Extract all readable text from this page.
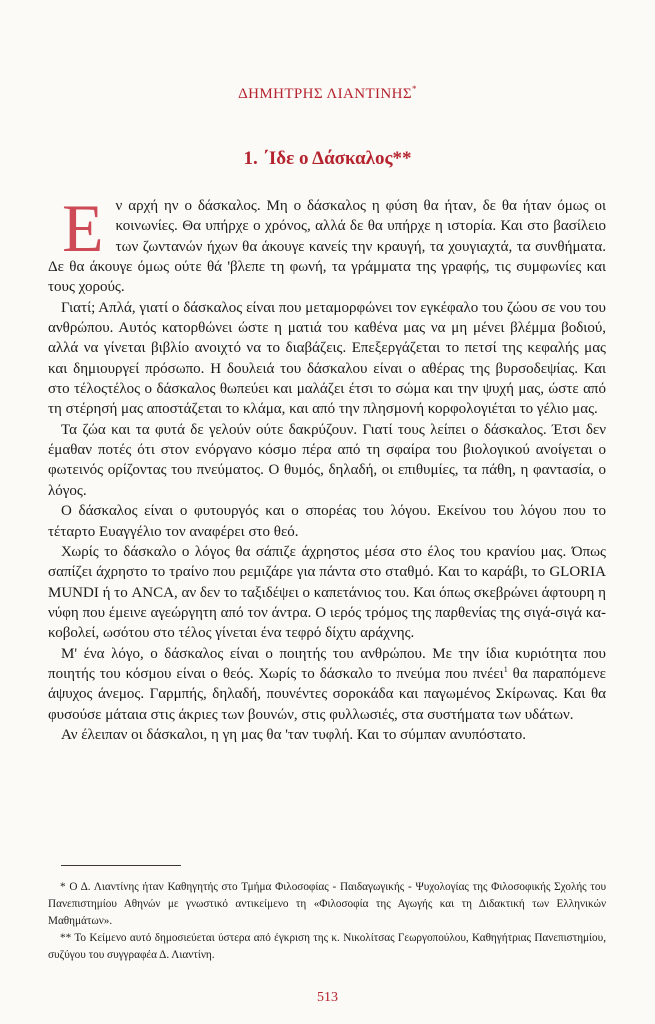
ΔΗΜΗΤΡΗΣ ΛΙΑΝΤΙΝΗΣ*
1. ΄Ιδε ο Δάσκαλος**

Εν αρχή ην ο δάσκαλος. Μη ο δάσκαλος η φύση θα ήταν, δε θα ήταν όμως οι κοινωνίες. Θα υπήρχε ο χρόνος, αλλά δε θα υπήρχε η ιστορία. Και στο βασίλειο των ζωντανών ήχων θα άκουγε κανείς την κραυγή, τα χουγιαχτά, τα συνθήματα. Δε θα άκουγε όμως ούτε θά 'βλεπε τη φωνή, τα γράμματα της γραφής, τις συμφωνίες και τους χορούς.

Γιατί; Απλά, γιατί ο δάσκαλος είναι που μεταμορφώνει τον εγκέφαλο του ζώου σε νου του ανθρώπου. Αυτός κατορθώνει ώστε η ματιά του καθένα μας να μη μένει βλέμμα βοδιού, αλλά να γίνεται βιβλίο ανοιχτό να το διαβάζεις. Επεξεργάζεται το πετσί της κεφαλής μας και δημιουργεί πρόσωπο. Η δουλειά του δάσκαλου είναι ο αθέρας της βυρσοδεψίας. Και στο τέλοςτέλος ο δάσκαλος θωπεύει και μαλάζει έτσι το σώμα και την ψυχή μας, ώστε από τη στέρησή μας αποστάζεται το κλάμα, και από την πλησμονή κορφολογιέται το γέλιο μας.

Τα ζώα και τα φυτά δε γελούν ούτε δακρύζουν. Γιατί τους λείπει ο δάσκαλος. Έτσι δεν έμαθαν ποτές ότι στον ενόργανο κόσμο πέρα από τη σφαίρα του βιολογικού ανοίγεται ο φωτεινός ορίζοντας του πνεύματος. Ο θυμός, δηλαδή, οι επιθυμίες, τα πάθη, η φαντασία, ο λόγος.

Ο δάσκαλος είναι ο φυτουργός και ο σπορέας του λόγου. Εκείνου του λόγου που το τέταρτο Ευαγγέλιο τον αναφέρει στο θεό.

Χωρίς το δάσκαλο ο λόγος θα σάπιζε άχρηστος μέσα στο έλος του κρανίου μας. Όπως σαπίζει άχρηστο το τραίνο που ρεμιζάρε για πάντα στο σταθμό. Και το καράβι, το GLORIA MUNDI ή το ANCA, αν δεν το ταξιδέψει ο καπετάνιος του. Και όπως σκεβρώνει άφτουρη η νύφη που έμεινε αγεώργητη από τον άντρα. Ο ιερός τρόμος της παρθενίας της σιγά-σιγά κακοβολεί, ωσότου στο τέλος γίνεται ένα τεφρό δίχτυ αράχνης.

Μ' ένα λόγο, ο δάσκαλος είναι ο ποιητής του ανθρώπου. Με την ίδια κυριότητα που ποιητής του κόσμου είναι ο θεός. Χωρίς το δάσκαλο το πνεύμα που πνέει$^1$ θα παραπόμενε άψυχος άνεμος. Γαρμπής, δηλαδή, πουνέντες σοροκάδα και παγωμένος Σκίρωνας. Και θα φυσούσε μάταια στις άκριες των βουνών, στις φυλλωσιές, στα συστήματα των υδάτων.

Αν έλειπαν οι δάσκαλοι, η γη μας θα 'ταν τυφλή. Και το σύμπαν ανυπόστατο.

* Ο Δ. Λιαντίνης ήταν Καθηγητής στο Τμήμα Φιλοσοφίας - Παιδαγωγικής - Ψυχολογίας της Φιλοσοφικής Σχολής του Πανεπιστημίου Αθηνών με γνωστικό αντικείμενο τη «Φιλοσοφία της Αγωγής και τη Διδακτική των Ελληνικών Μαθημάτων».

** Το Κείμενο αυτό δημοσιεύεται ύστερα από έγκριση της κ. Νικολίτσας Γεωργοπούλου, Καθηγήτριας Πανεπιστημίου, συζύγου του συγγραφέα Δ. Λιαντίνη.

513
